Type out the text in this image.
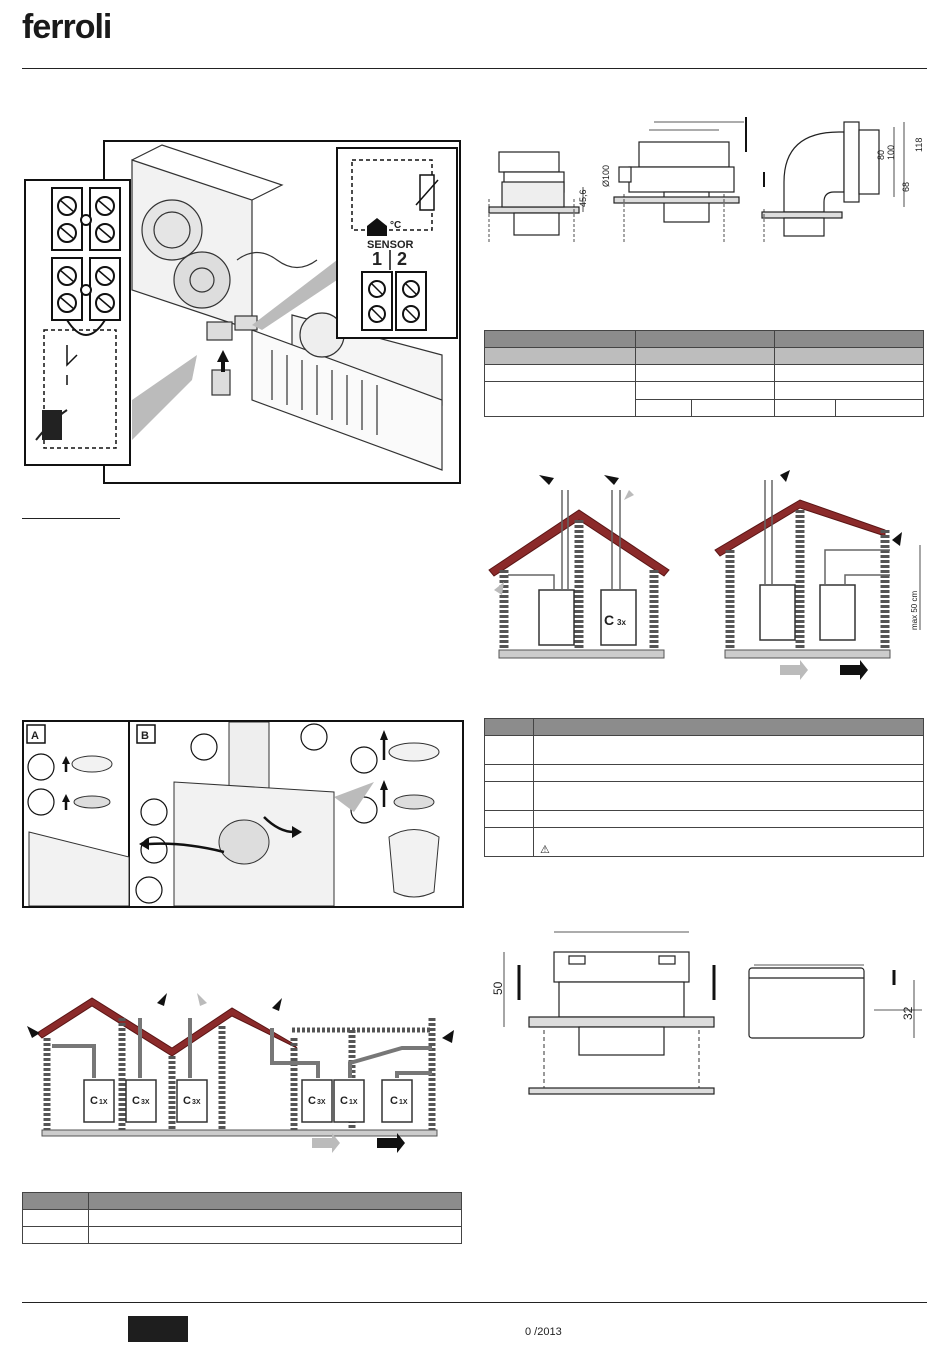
ferroli
°C
SENSOR
1 2
45,6
Ø100
80 100
68
118

C 3x	max 50 cm

	⚠
A	B
C 1X C 3X	C 3X	C 3X C 1X	C 1X

50
32
0 /2013
